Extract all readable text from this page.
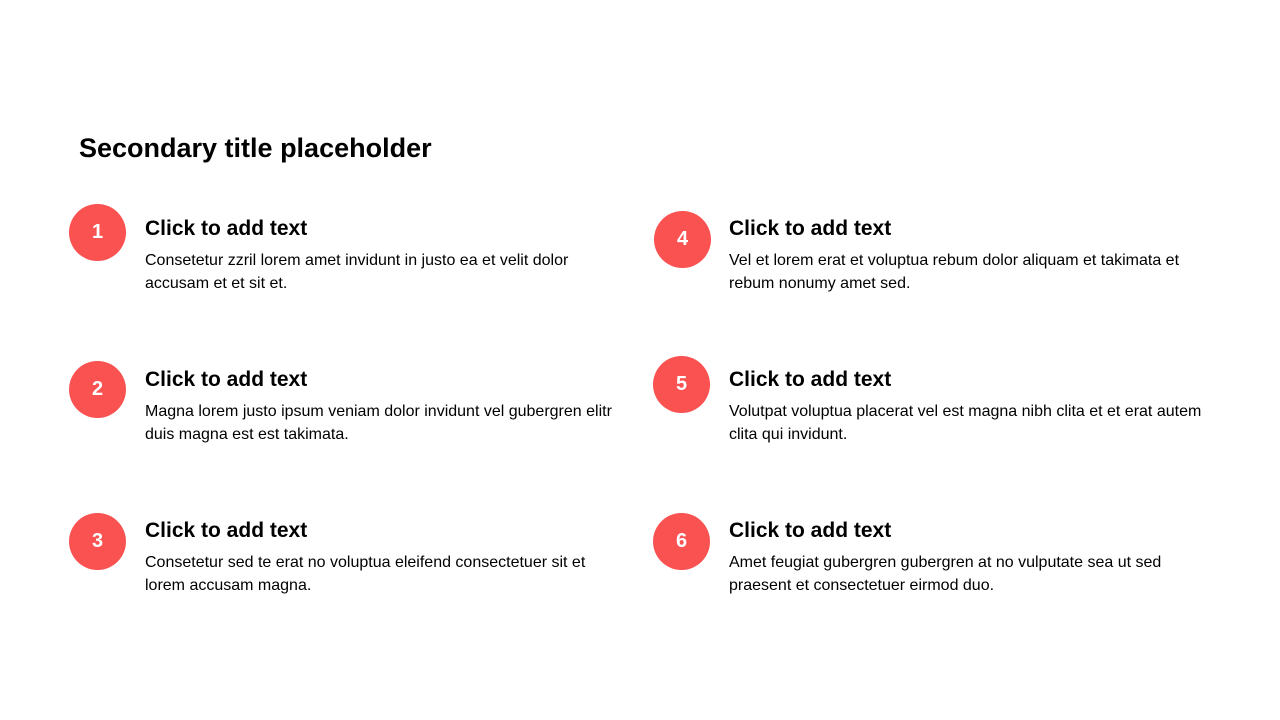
Secondary title placeholder
1	Click to add text

Consetetur zzril lorem amet invidunt in justo ea et velit dolor accusam et et sit et.

2	Click to add text

Magna lorem justo ipsum veniam dolor invidunt vel gubergren elitr duis magna est est takimata.

3	Click to add text

Consetetur sed te erat no voluptua eleifend consectetuer sit et lorem accusam magna.

4	Click to add text

Vel et lorem erat et voluptua rebum dolor aliquam et takimata et rebum nonumy amet sed.

5	Click to add text

Volutpat voluptua placerat vel est magna nibh clita et et erat autem clita qui invidunt.

6	Click to add text

Amet feugiat gubergren gubergren at no vulputate sea ut sed praesent et consectetuer eirmod duo.
